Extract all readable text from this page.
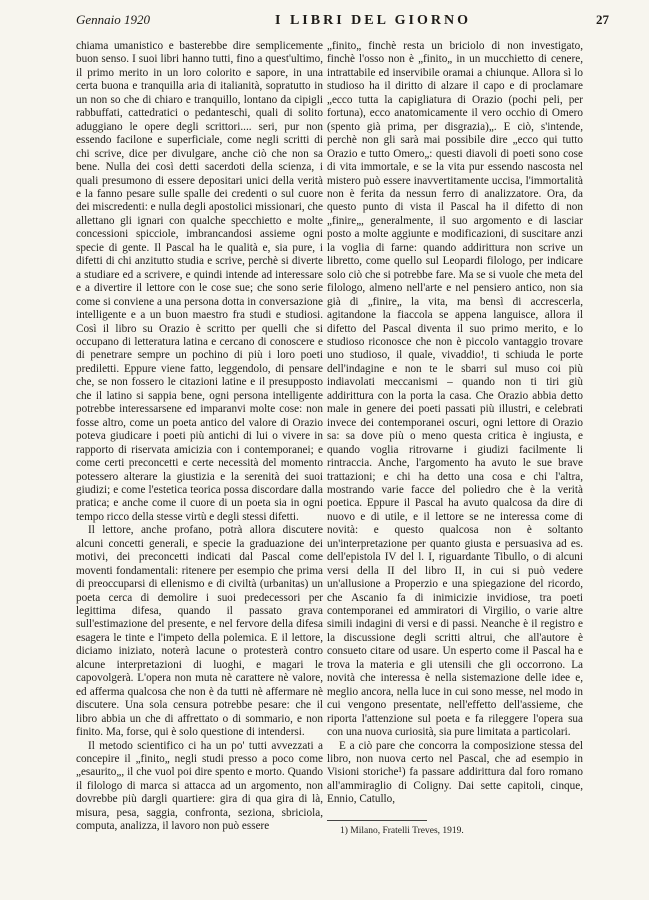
Gennaio 1920	I LIBRI DEL GIORNO	27

chiama umanistico e basterebbe dire semplicemente buon senso. I suoi libri hanno tutti, fino a quest'ultimo, il primo merito in un loro colorito e sapore, in una certa buona e tranquilla aria di italianità, sopratutto in un non so che di chiaro e tranquillo, lontano da cipigli rabbuffati, cattedratici o pedanteschi, quali di solito aduggiano le opere degli scrittori.... seri, pur non essendo facilone e superficiale, come negli scritti di chi scrive, dice per divulgare, anche ciò che non sa bene. Nulla dei così detti sacerdoti della scienza, i quali presumono di essere depositari unici della verità e la fanno pesare sulle spalle dei credenti o sul cuore dei miscredenti: e nulla degli apostolici missionari, che allettano gli ignari con qualche specchietto e molte concessioni spicciole, imbrancandosi assieme ogni specie di gente. Il Pascal ha le qualità e, sia pure, i difetti di chi anzitutto studia e scrive, perchè si diverte a studiare ed a scrivere, e quindi intende ad interessare e a divertire il lettore con le cose sue; che sono serie come si conviene a una persona dotta in conversazione intelligente e a un buon maestro fra studi e studiosi. Così il libro su Orazio è scritto per quelli che si occupano di letteratura latina e cercano di conoscere e di penetrare sempre un pochino di più i loro poeti prediletti. Eppure viene fatto, leggendolo, di pensare che, se non fossero le citazioni latine e il presupposto che il latino si sappia bene, ogni persona intelligente potrebbe interessarsene ed imparanvi molte cose: non fosse altro, come un poeta antico del valore di Orazio poteva giudicare i poeti più antichi di lui o vivere in rapporto di riservata amicizia con i contemporanei; e come certi preconcetti e certe necessità del momento potessero alterare la giustizia e la serenità dei suoi giudizi; e come l'estetica teorica possa discordare dalla pratica; e anche come il cuore di un poeta sia in ogni tempo ricco della stesse virtù e degli stessi difetti.

Il lettore, anche profano, potrà allora discutere alcuni concetti generali, e specie la graduazione dei motivi, dei preconcetti indicati dal Pascal come moventi fondamentali: ritenere per esempio che prima di preoccuparsi di ellenismo e di civiltà (urbanitas) un poeta cerca di demolire i suoi predecessori per legittima difesa, quando il passato grava sull'estimazione del presente, e nel fervore della difesa esagera le tinte e l'impeto della polemica. E il lettore, diciamo iniziato, noterà lacune o protesterà contro alcune interpretazioni di luoghi, e magari le capovolgerà. L'opera non muta nè carattere nè valore, ed afferma qualcosa che non è da tutti nè affermare nè discutere. Una sola censura potrebbe pesare: che il libro abbia un che di affrettato o di sommario, e non finito. Ma, forse, qui è solo questione di intendersi.

Il metodo scientifico ci ha un po' tutti avvezzati a concepire il „finito„ negli studi presso a poco come „esaurito„, il che vuol poi dire spento e morto. Quando il filologo di marca si attacca ad un argomento, non dovrebbe più dargli quartiere: gira di qua gira di là, misura, pesa, saggia, confronta, seziona, sbriciola, computa, analizza, il lavoro non può essere

„finito„ finchè resta un briciolo di non investigato, finchè l'osso non è „finito„ in un mucchietto di cenere, intrattabile ed inservibile oramai a chiunque. Allora sì lo studioso ha il diritto di alzare il capo e di proclamare „ecco tutta la capigliatura di Orazio (pochi peli, per fortuna), ecco anatomicamente il vero occhio di Omero (spento già prima, per disgrazia)„. E ciò, s'intende, perchè non gli sarà mai possibile dire „ecco qui tutto Orazio e tutto Omero„: questi diavoli di poeti sono cose di vita immortale, e se la vita pur essendo nascosta nel mistero può essere inavvertitamente uccisa, l'immortalità non è ferita da nessun ferro di analizzatore. Ora, da questo punto di vista il Pascal ha il difetto di non „finire„, generalmente, il suo argomento e di lasciar posto a molte aggiunte e modificazioni, di suscitare anzi la voglia di farne: quando addirittura non scrive un libretto, come quello sul Leopardi filologo, per indicare solo ciò che si potrebbe fare. Ma se si vuole che meta del filologo, almeno nell'arte e nel pensiero antico, non sia già di „finire„ la vita, ma bensì di accrescerla, agitandone la fiaccola se appena languisce, allora il difetto del Pascal diventa il suo primo merito, e lo studioso riconosce che non è piccolo vantaggio trovare uno studioso, il quale, vivaddio!, ti schiuda le porte dell'indagine e non te le sbarri sul muso coi più indiavolati meccanismi – quando non ti tiri giù addirittura con la porta la casa. Che Orazio abbia detto male in genere dei poeti passati più illustri, e celebrati invece dei contemporanei oscuri, ogni lettore di Orazio sa: sa dove più o meno questa critica è ingiusta, e quando voglia ritrovarne i giudizi facilmente li rintraccia. Anche, l'argomento ha avuto le sue brave trattazioni; e chi ha detto una cosa e chi l'altra, mostrando varie facce del poliedro che è la verità poetica. Eppure il Pascal ha avuto qualcosa da dire di nuovo e di utile, e il lettore se ne interessa come di novità: e questo qualcosa non è soltanto un'interpretazione per quanto giusta e persuasiva ad es. dell'epistola IV del l. I, riguardante Tibullo, o di alcuni versi della II del libro II, in cui si può vedere un'allusione a Properzio e una spiegazione del ricordo, che Ascanio fa di inimicizie invidiose, tra poeti contemporanei ed ammiratori di Virgilio, o varie altre simili indagini di versi e di passi. Neanche è il registro e la discussione degli scritti altrui, che all'autore è consueto citare od usare. Un esperto come il Pascal ha e trova la materia e gli utensili che gli occorrono. La novità che interessa è nella sistemazione delle idee e, meglio ancora, nella luce in cui sono messe, nel modo in cui vengono presentate, nell'effetto dell'assieme, che riporta l'attenzione sul poeta e fa rileggere l'opera sua con una nuova curiosità, sia pure limitata a particolari.

E a ciò pare che concorra la composizione stessa del libro, non nuova certo nel Pascal, che ad esempio in Visioni storiche¹) fa passare addirittura dal foro romano all'ammiraglio di Coligny. Dai sette capitoli, cinque, Ennio, Catullo,

1) Milano, Fratelli Treves, 1919.
